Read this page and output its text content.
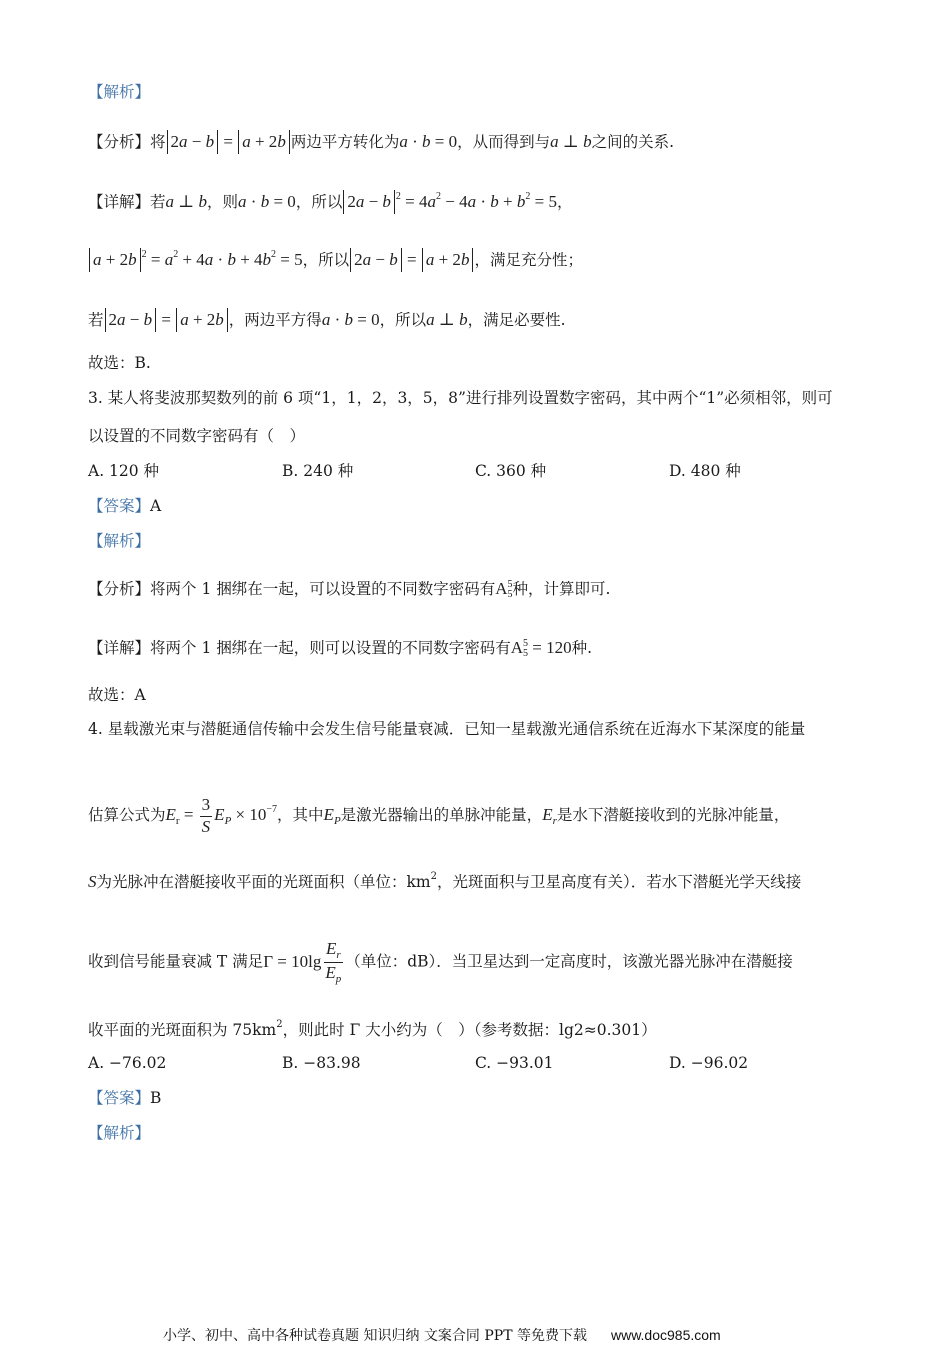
【解析】
【分析】将 2a − b = a + 2b 两边平方转化为a · b = 0，从而得到与a ⊥ b之间的关系.
【详解】若a ⊥ b，则a · b = 0，所以 2a − b $^2 = 4a^2 - 4a \cdot b + b^2 = 5$，
a + 2b $^2 = a^2 + 4a \cdot b + 4b^2 = 5$，所以 2a − b = a + 2b ，满足充分性；
若 2a − b = a + 2b ，两边平方得a · b = 0，所以a ⊥ b，满足必要性.
故选：B.
3. 某人将斐波那契数列的前 6 项“1，1，2，3，5，8”进行排列设置数字密码，其中两个“1”必须相邻，则可
以设置的不同数字密码有（　）
A. 120 种	B. 240 种	C. 360 种	D. 480 种
【答案】A
【解析】
【分析】将两个 1 捆绑在一起，可以设置的不同数字密码有A 5
5 种，计算即可.
【详解】将两个 1 捆绑在一起，则可以设置的不同数字密码有A 5
5 = 120种.
故选：A
4. 星载激光束与潜艇通信传输中会发生信号能量衰减．已知一星载激光通信系统在近海水下某深度的能量
估算公式为$E_r = \frac{3}{S} E_P \times 10^{-7}$，其中$E_P$是激光器输出的单脉冲能量，$E_r$是水下潜艇接收到的光脉冲能量，
S为光脉冲在潜艇接收平面的光斑面积（单位：$km^2$，光斑面积与卫星高度有关）．若水下潜艇光学天线接
收到信号能量衰减 T 满足$\Gamma = 10\lg \frac{E_r}{E_p}$ （单位：dB）．当卫星达到一定高度时，该激光器光脉冲在潜艇接
收平面的光斑面积为 $75km^2$，则此时 Γ 大小约为（　）（参考数据：lg2≈0.301）
A. −76.02	B. −83.98	C. −93.01	D. −96.02
【答案】B
【解析】
小学、初中、高中各种试卷真题 知识归纳 文案合同 PPT 等免费下载 www.doc985.com
